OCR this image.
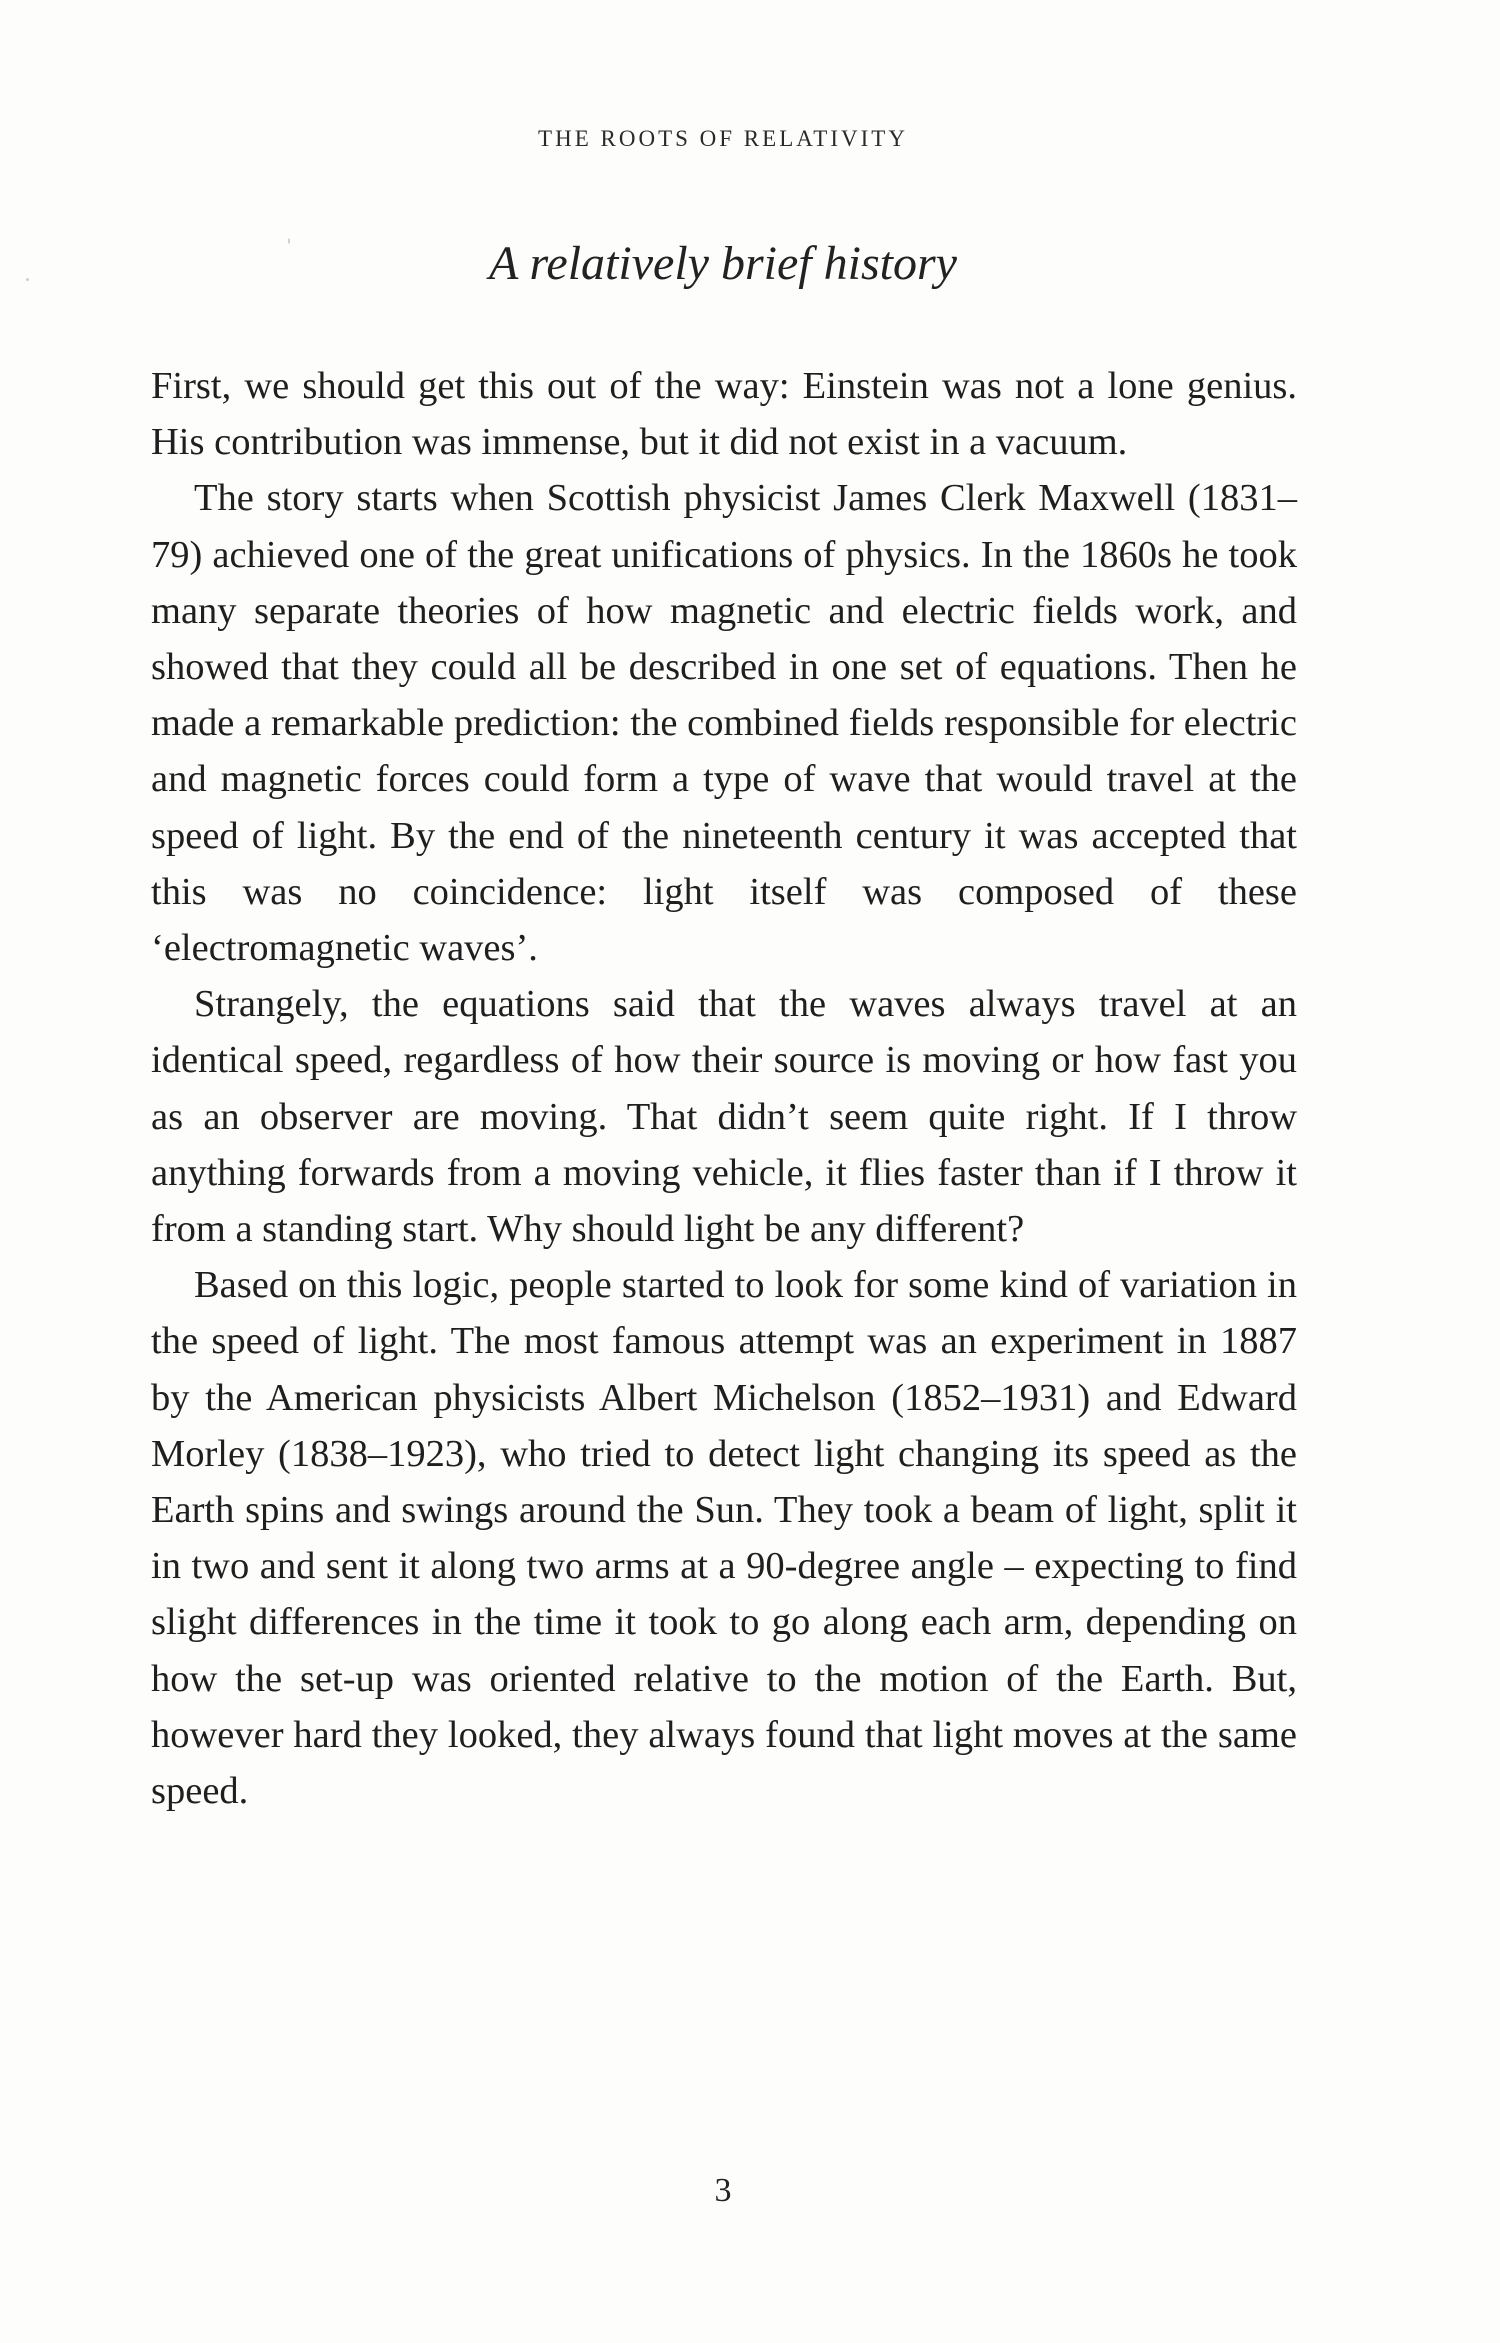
THE ROOTS OF RELATIVITY
A relatively brief history

First, we should get this out of the way: Einstein was not a lone genius. His contribution was immense, but it did not exist in a vacuum.

The story starts when Scottish physicist James Clerk Maxwell (1831–79) achieved one of the great unifications of physics. In the 1860s he took many separate theories of how magnetic and electric fields work, and showed that they could all be described in one set of equations. Then he made a remarkable prediction: the combined fields responsible for electric and magnetic forces could form a type of wave that would travel at the speed of light. By the end of the nineteenth century it was accepted that this was no coincidence: light itself was composed of these ‘electromagnetic waves’.

Strangely, the equations said that the waves always travel at an identical speed, regardless of how their source is moving or how fast you as an observer are moving. That didn’t seem quite right. If I throw anything forwards from a moving vehicle, it flies faster than if I throw it from a standing start. Why should light be any different?

Based on this logic, people started to look for some kind of variation in the speed of light. The most famous attempt was an experiment in 1887 by the American physicists Albert Michelson (1852–1931) and Edward Morley (1838–1923), who tried to detect light changing its speed as the Earth spins and swings around the Sun. They took a beam of light, split it in two and sent it along two arms at a 90-degree angle – expecting to find slight differences in the time it took to go along each arm, depending on how the set-up was oriented relative to the motion of the Earth. But, however hard they looked, they always found that light moves at the same speed.

3
